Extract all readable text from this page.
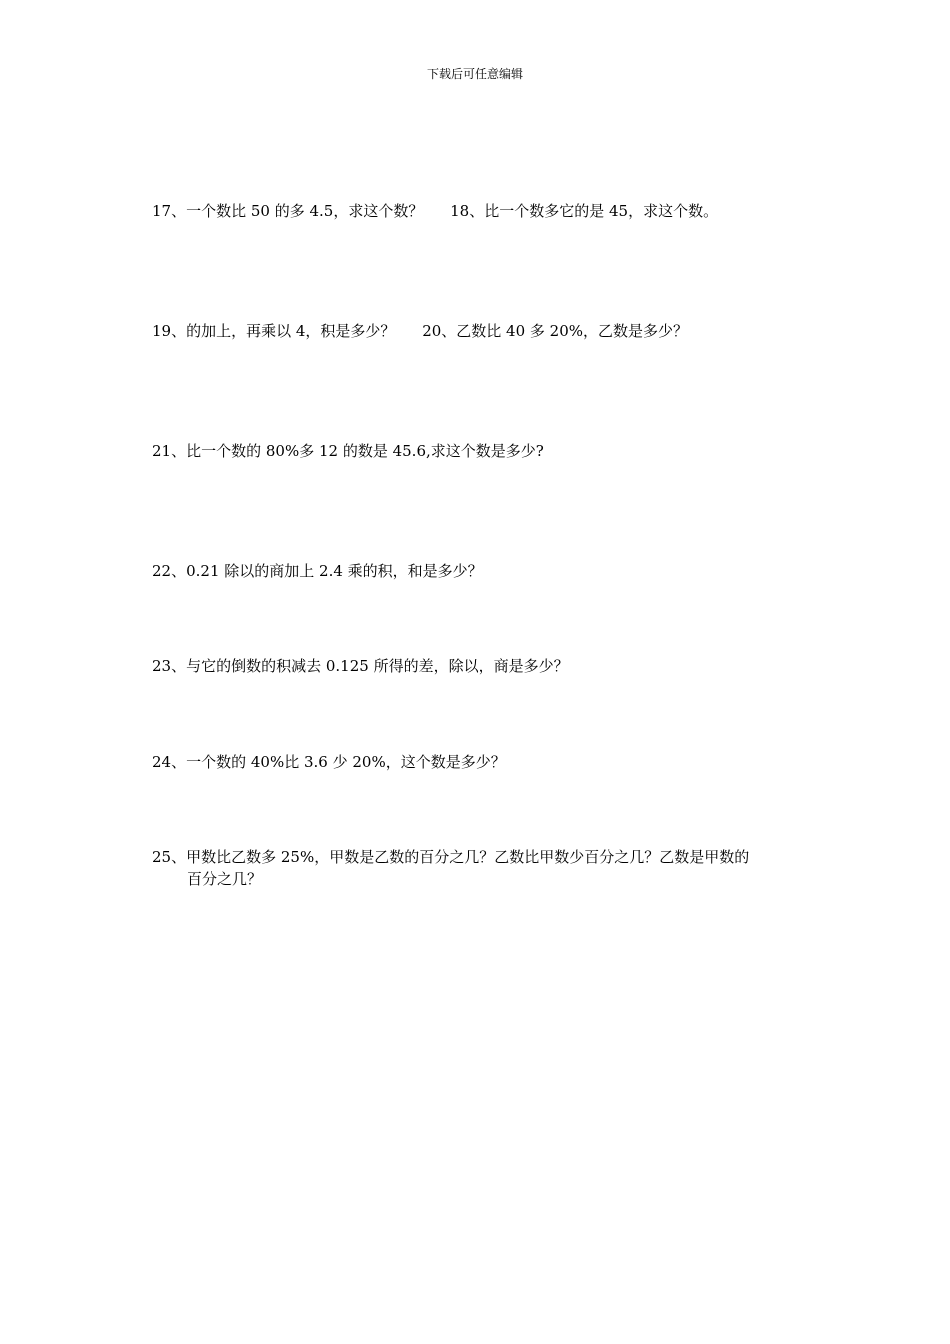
下载后可任意编辑
17、一个数比 50 的多 4.5，求这个数？ 18、比一个数多它的是 45，求这个数。
19、的加上，再乘以 4，积是多少？ 20、乙数比 40 多 20%，乙数是多少？
21、比一个数的 80%多 12 的数是 45.6,求这个数是多少?
22、0.21 除以的商加上 2.4 乘的积，和是多少？
23、与它的倒数的积减去 0.125 所得的差，除以，商是多少？
24、一个数的 40%比 3.6 少 20%，这个数是多少？
25、甲数比乙数多 25%，甲数是乙数的百分之几？乙数比甲数少百分之几？乙数是甲数的
百分之几？
